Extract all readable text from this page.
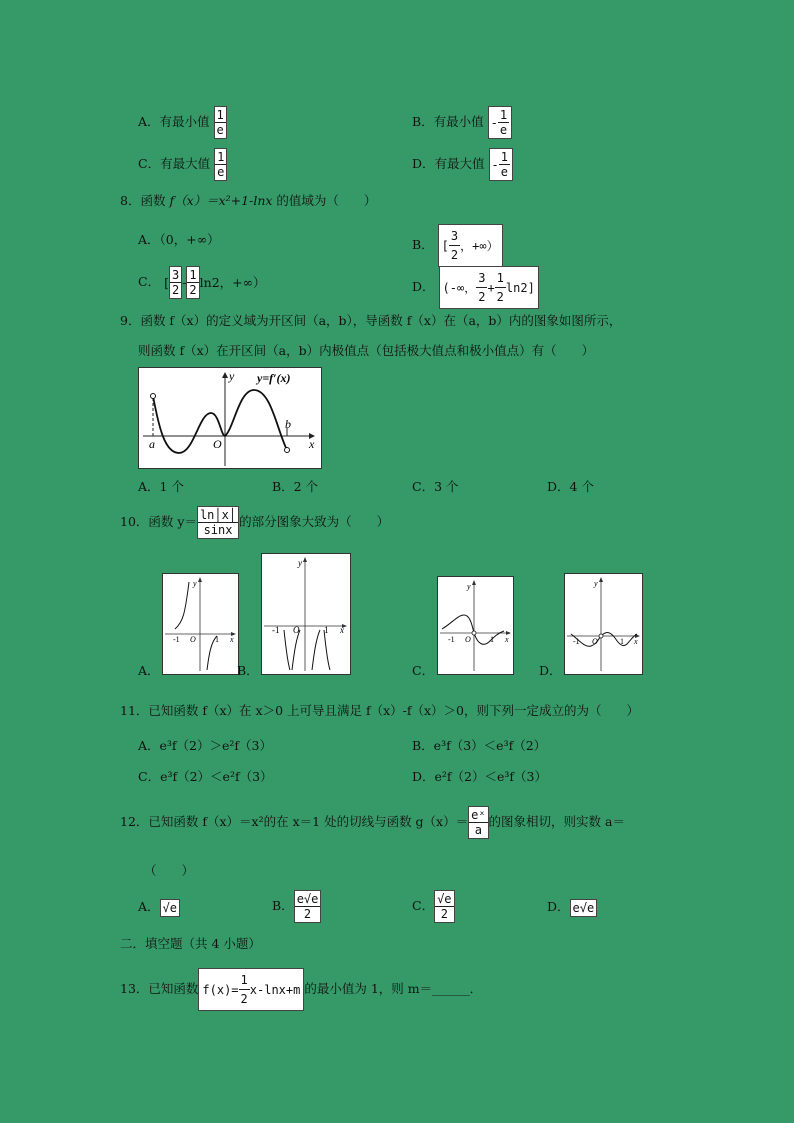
A．有最小值 $\frac{1}{e}$	B．有最小值 - $\frac{1}{e}$
C．有最大值 $\frac{1}{e}$	D．有最大值 - $\frac{1}{e}$
8．函数 f（x）＝x²+1-lnx 的值域为（　　）
A．（0，+∞）	B． [ $\frac{3}{2}$ ，+∞）
C． [ $\frac{3}{2} - \frac{1}{2} \ln 2$，+∞）	D． (-∞， $\frac{3}{2} + \frac{1}{2} \ln 2$]
9．函数 f（x）的定义域为开区间（a，b），导函数 f（x）在（a，b）内的图象如图所示，
则函数 f（x）在开区间（a，b）内极值点（包括极大值点和极小值点）有（　　）
y y=f′(x)
a	O
b
x
A．1 个	B．2 个	C．3 个	D．4 个
10．函数 $y= \frac{\ln│x│}{\sin x}$ 的部分图象大致为（　　）
y
-1 O 1 x
y
-1 O	1 x
y
-1 O 1 x
y
-1 O	1 x
A．	B．	C．	D．
11．已知函数 f（x）在 x＞0 上可导且满足 f（x）-f（x）＞0，则下列一定成立的为（　　）
A．e³f（2）＞e²f（3）	B．e³f（3）＜e³f（2）
C．e³f（2）＜e²f（3）	D．e²f（2）＜e³f（3）
12．已知函数 f（x）＝x²的在 x＝1 处的切线与函数 $g(x)= \frac{\text{eˣ}}{a}$ 的图象相切，则实数 a＝
（　　）
A． √e	B． $\frac{e√e}{2}$	C． $\frac{√e}{2}$	D． e√e
二．填空题（共 4 小题）
13．已知函数 $f(x)= \frac{1}{2} x-\ln x+m$ 的最小值为 1，则 m＝______．
